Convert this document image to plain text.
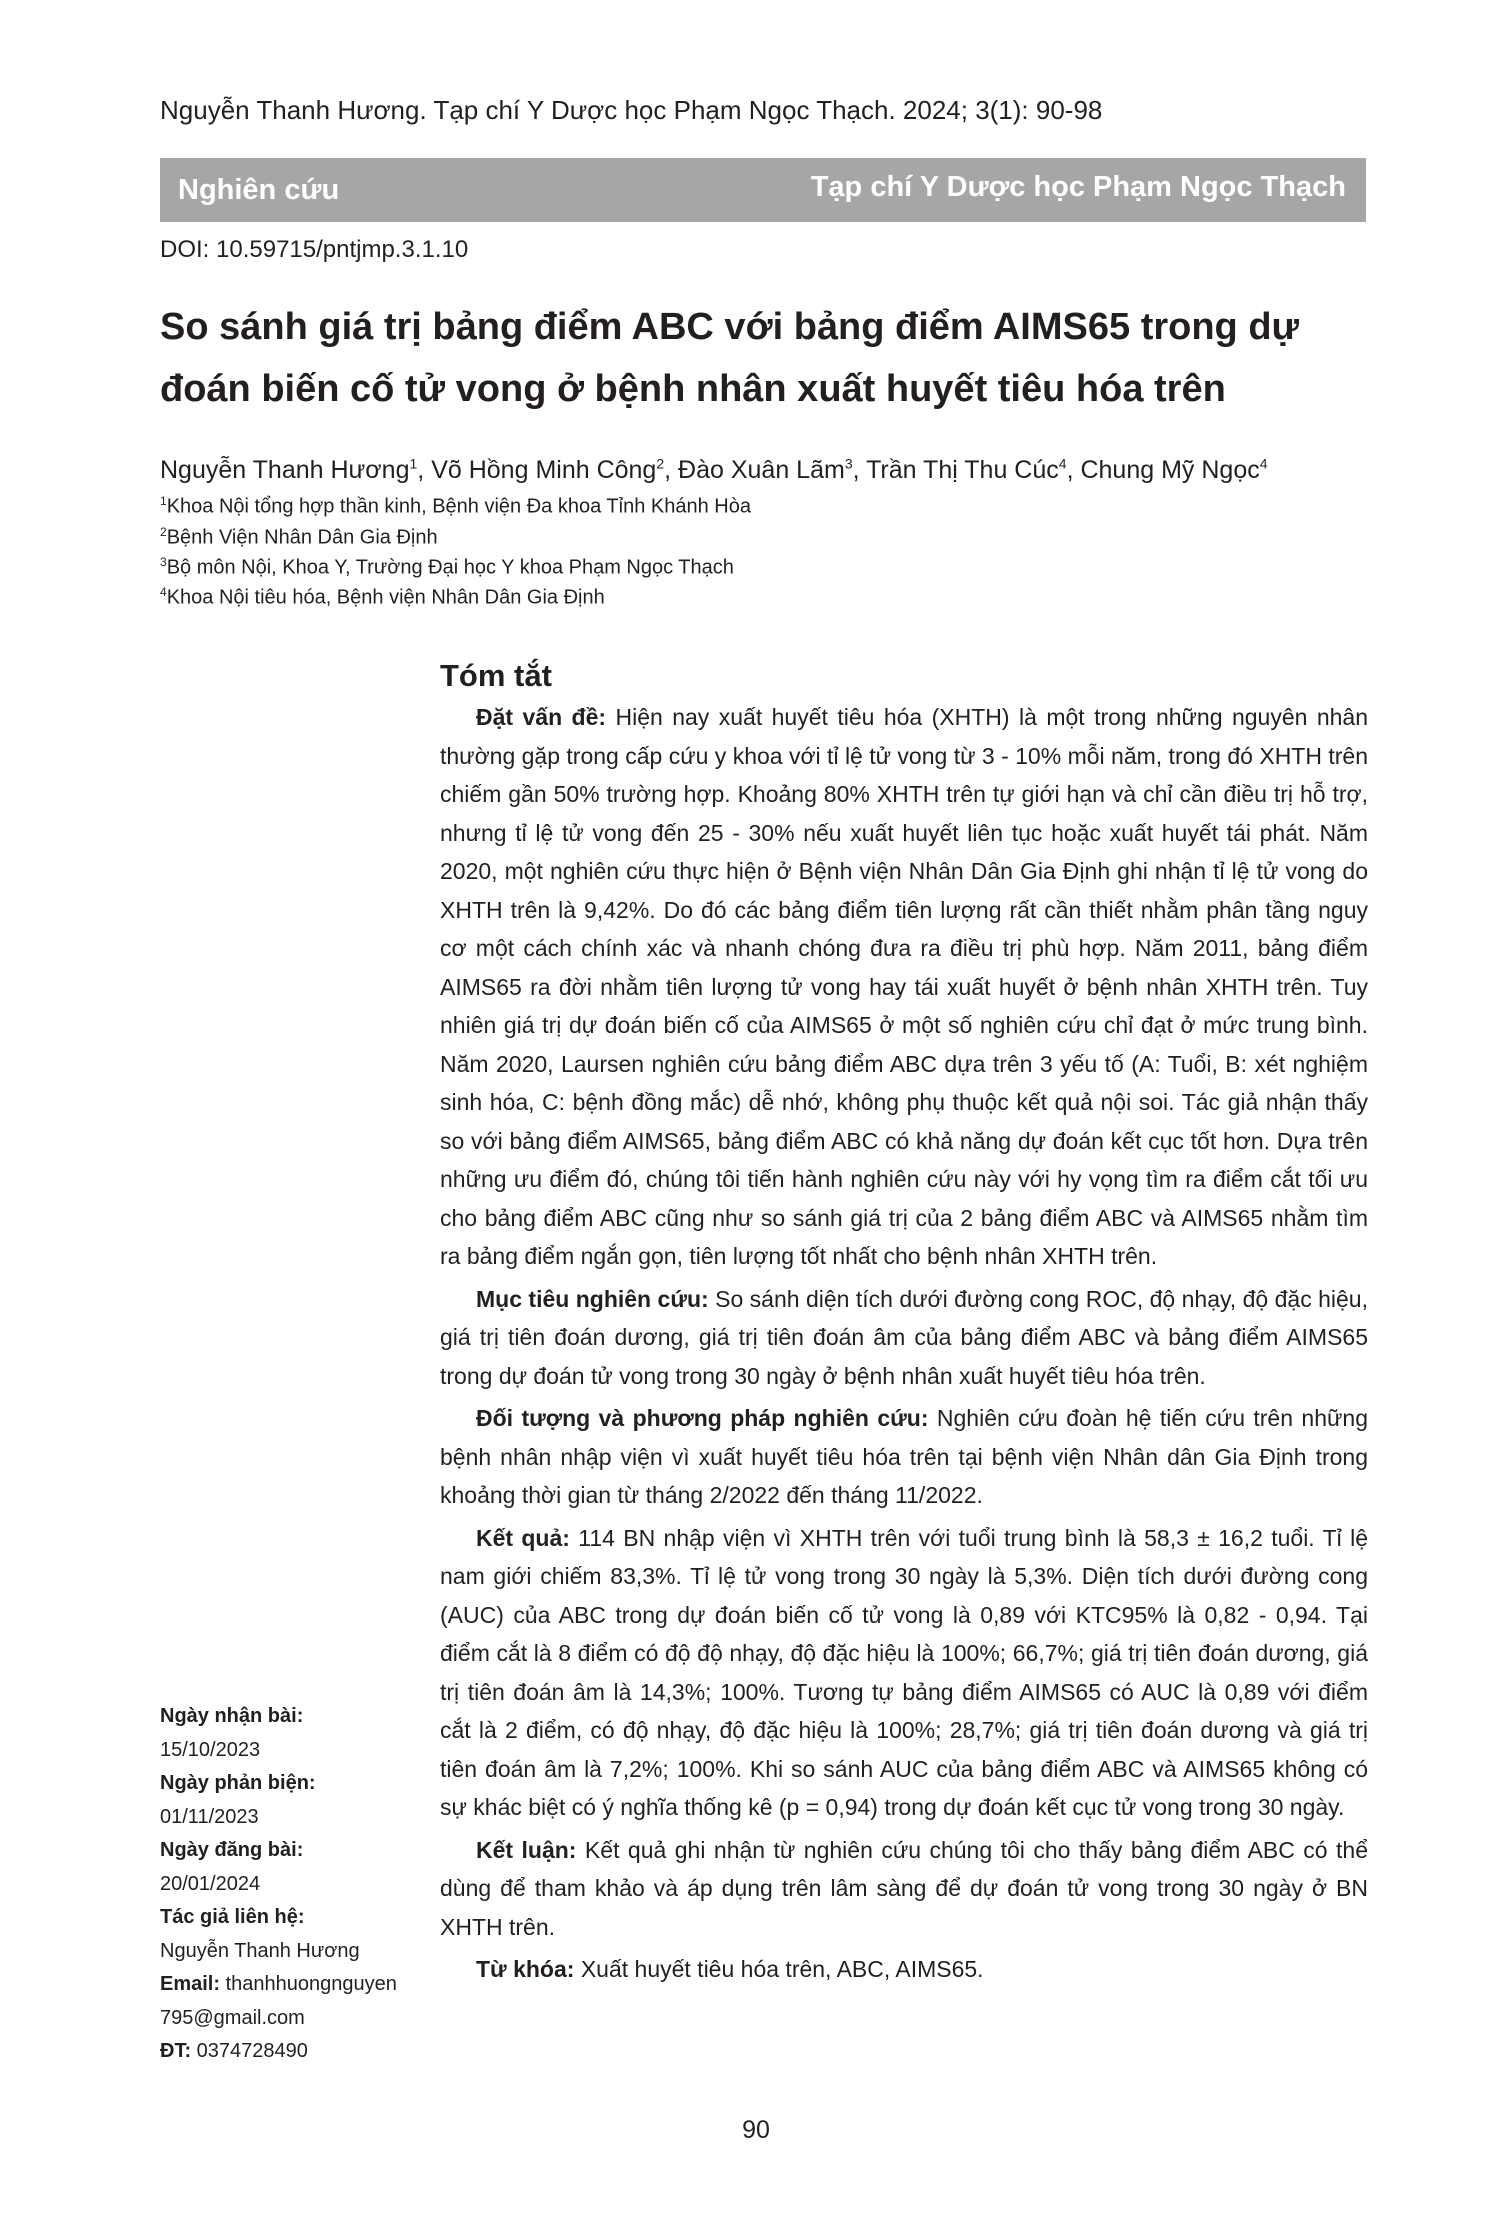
Nguyễn Thanh Hương. Tạp chí Y Dược học Phạm Ngọc Thạch. 2024; 3(1): 90-98
Nghiên cứu	Tạp chí Y Dược học Phạm Ngọc Thạch
DOI: 10.59715/pntjmp.3.1.10
So sánh giá trị bảng điểm ABC với bảng điểm AIMS65 trong dự đoán biến cố tử vong ở bệnh nhân xuất huyết tiêu hóa trên
Nguyễn Thanh Hương$^1$, Võ Hồng Minh Công$^2$, Đào Xuân Lãm$^3$, Trần Thị Thu Cúc$^4$, Chung Mỹ Ngọc$^4$
$^1$Khoa Nội tổng hợp thần kinh, Bệnh viện Đa khoa Tỉnh Khánh Hòa
$^2$Bệnh Viện Nhân Dân Gia Định
$^3$Bộ môn Nội, Khoa Y, Trường Đại học Y khoa Phạm Ngọc Thạch
$^4$Khoa Nội tiêu hóa, Bệnh viện Nhân Dân Gia Định
Tóm tắt

Đặt vấn đề: Hiện nay xuất huyết tiêu hóa (XHTH) là một trong những nguyên nhân thường gặp trong cấp cứu y khoa với tỉ lệ tử vong từ 3 - 10% mỗi năm, trong đó XHTH trên chiếm gần 50% trường hợp. Khoảng 80% XHTH trên tự giới hạn và chỉ cần điều trị hỗ trợ, nhưng tỉ lệ tử vong đến 25 - 30% nếu xuất huyết liên tục hoặc xuất huyết tái phát. Năm 2020, một nghiên cứu thực hiện ở Bệnh viện Nhân Dân Gia Định ghi nhận tỉ lệ tử vong do XHTH trên là 9,42%. Do đó các bảng điểm tiên lượng rất cần thiết nhằm phân tầng nguy cơ một cách chính xác và nhanh chóng đưa ra điều trị phù hợp. Năm 2011, bảng điểm AIMS65 ra đời nhằm tiên lượng tử vong hay tái xuất huyết ở bệnh nhân XHTH trên. Tuy nhiên giá trị dự đoán biến cố của AIMS65 ở một số nghiên cứu chỉ đạt ở mức trung bình. Năm 2020, Laursen nghiên cứu bảng điểm ABC dựa trên 3 yếu tố (A: Tuổi, B: xét nghiệm sinh hóa, C: bệnh đồng mắc) dễ nhớ, không phụ thuộc kết quả nội soi. Tác giả nhận thấy so với bảng điểm AIMS65, bảng điểm ABC có khả năng dự đoán kết cục tốt hơn. Dựa trên những ưu điểm đó, chúng tôi tiến hành nghiên cứu này với hy vọng tìm ra điểm cắt tối ưu cho bảng điểm ABC cũng như so sánh giá trị của 2 bảng điểm ABC và AIMS65 nhằm tìm ra bảng điểm ngắn gọn, tiên lượng tốt nhất cho bệnh nhân XHTH trên.

Mục tiêu nghiên cứu: So sánh diện tích dưới đường cong ROC, độ nhạy, độ đặc hiệu, giá trị tiên đoán dương, giá trị tiên đoán âm của bảng điểm ABC và bảng điểm AIMS65 trong dự đoán tử vong trong 30 ngày ở bệnh nhân xuất huyết tiêu hóa trên.

Đối tượng và phương pháp nghiên cứu: Nghiên cứu đoàn hệ tiến cứu trên những bệnh nhân nhập viện vì xuất huyết tiêu hóa trên tại bệnh viện Nhân dân Gia Định trong khoảng thời gian từ tháng 2/2022 đến tháng 11/2022.

Kết quả: 114 BN nhập viện vì XHTH trên với tuổi trung bình là 58,3 ± 16,2 tuổi. Tỉ lệ nam giới chiếm 83,3%. Tỉ lệ tử vong trong 30 ngày là 5,3%. Diện tích dưới đường cong (AUC) của ABC trong dự đoán biến cố tử vong là 0,89 với KTC95% là 0,82 - 0,94. Tại điểm cắt là 8 điểm có độ độ nhạy, độ đặc hiệu là 100%; 66,7%; giá trị tiên đoán dương, giá trị tiên đoán âm là 14,3%; 100%. Tương tự bảng điểm AIMS65 có AUC là 0,89 với điểm cắt là 2 điểm, có độ nhạy, độ đặc hiệu là 100%; 28,7%; giá trị tiên đoán dương và giá trị tiên đoán âm là 7,2%; 100%. Khi so sánh AUC của bảng điểm ABC và AIMS65 không có sự khác biệt có ý nghĩa thống kê (p = 0,94) trong dự đoán kết cục tử vong trong 30 ngày.

Kết luận: Kết quả ghi nhận từ nghiên cứu chúng tôi cho thấy bảng điểm ABC có thể dùng để tham khảo và áp dụng trên lâm sàng để dự đoán tử vong trong 30 ngày ở BN XHTH trên.

Từ khóa: Xuất huyết tiêu hóa trên, ABC, AIMS65.

Ngày nhận bài:
15/10/2023
Ngày phản biện:
01/11/2023
Ngày đăng bài:
20/01/2024
Tác giả liên hệ:
Nguyễn Thanh Hương
Email: thanhhuongnguyen
795@gmail.com
ĐT: 0374728490
90
